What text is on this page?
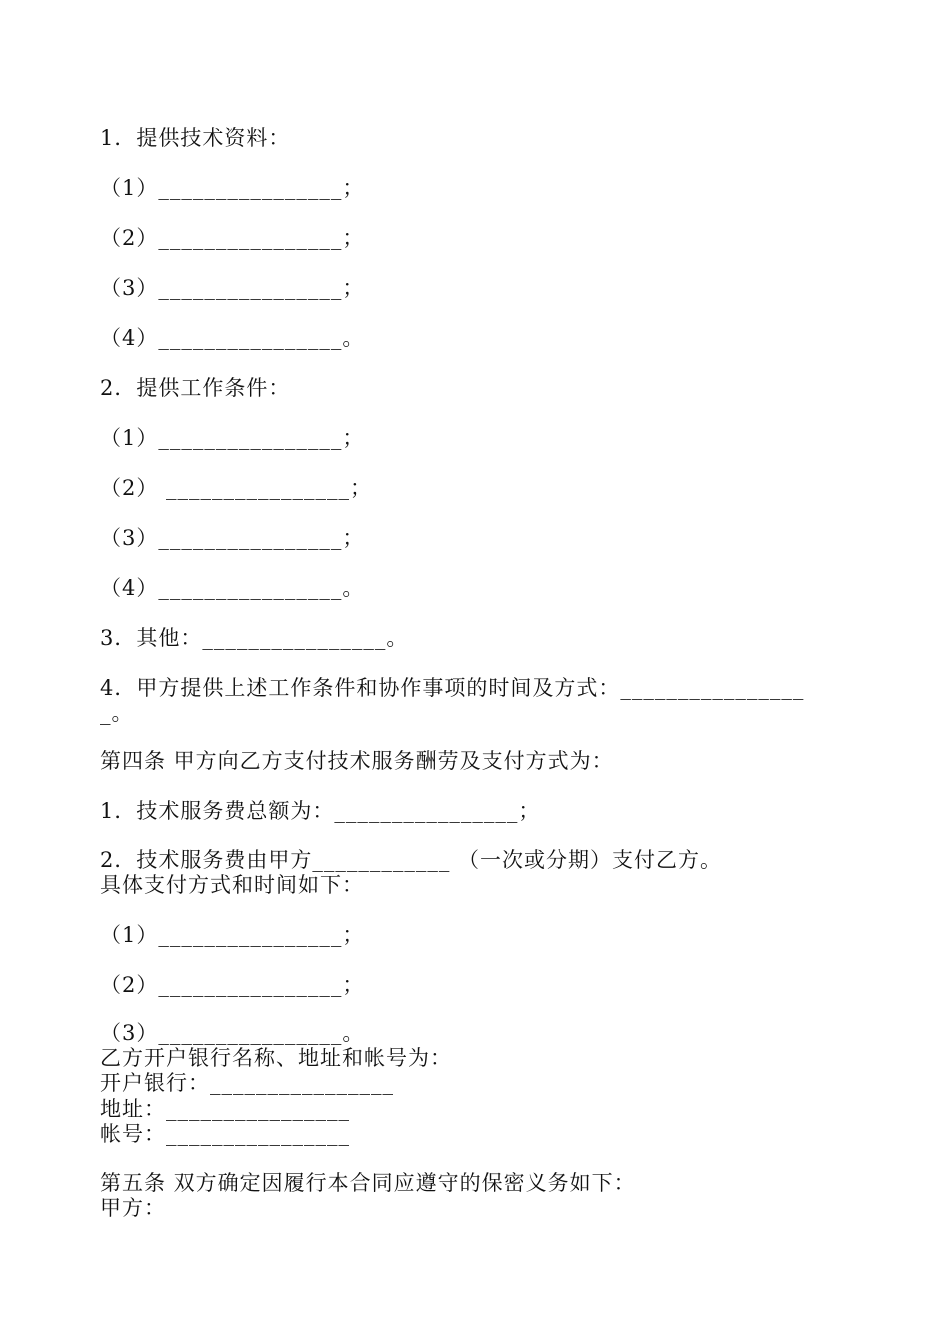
1．提供技术资料：
（1）________________；
（2）________________；
（3）________________；
（4）________________。
2．提供工作条件：
（1）________________；
（2） ________________；
（3）________________；
（4）________________。
3．其他：________________。
4．甲方提供上述工作条件和协作事项的时间及方式：________________
_。
第四条 甲方向乙方支付技术服务酬劳及支付方式为：
1．技术服务费总额为：________________；
2．技术服务费由甲方____________ （一次或分期）支付乙方。
具体支付方式和时间如下：
（1）________________；
（2）________________；
（3）________________。
乙方开户银行名称、地址和帐号为：
开户银行：________________
地址：________________
帐号：________________
第五条 双方确定因履行本合同应遵守的保密义务如下：
甲方：
